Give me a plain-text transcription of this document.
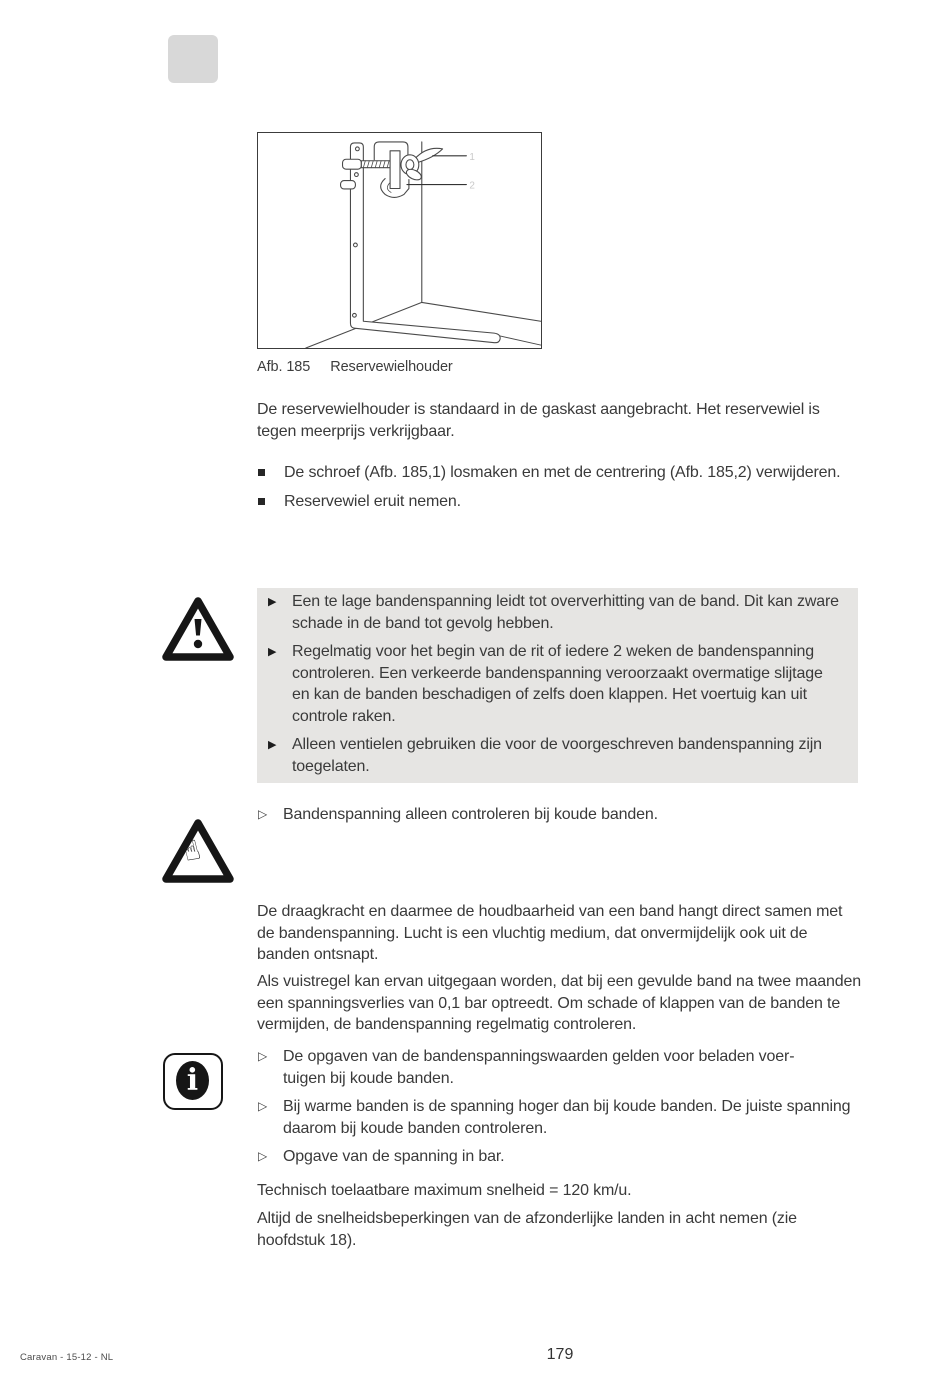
1
2
Afb. 185 Reservewielhouder
De reservewielhouder is standaard in de gaskast aangebracht. Het reservewiel is tegen meerprijs verkrijgbaar.
De schroef (Afb. 185,1) losmaken en met de centrering (Afb. 185,2) verwijderen.
Reservewiel eruit nemen.
▶ Een te lage bandenspanning leidt tot oververhitting van de band. Dit kan zware schade in de band tot gevolg hebben.
▶ Regelmatig voor het begin van de rit of iedere 2 weken de bandenspanning controleren. Een verkeerde bandenspanning veroorzaakt overmatige slijtage en kan de banden beschadigen of zelfs doen klappen. Het voertuig kan uit controle raken.
▶ Alleen ventielen gebruiken die voor de voorgeschreven bandenspanning zijn toegelaten.
☝
▷ Bandenspanning alleen controleren bij koude banden.
De draagkracht en daarmee de houdbaarheid van een band hangt direct samen met de bandenspanning. Lucht is een vluchtig medium, dat onvermijdelijk ook uit de banden ontsnapt.
Als vuistregel kan ervan uitgegaan worden, dat bij een gevulde band na twee maanden een spanningsverlies van 0,1 bar optreedt. Om schade of klappen van de banden te vermijden, de bandenspanning regelmatig controleren.
i
▷ De opgaven van de bandenspanningswaarden gelden voor beladen voertuigen bij koude banden.
▷ Bij warme banden is de spanning hoger dan bij koude banden. De juiste spanning daarom bij koude banden controleren.
▷ Opgave van de spanning in bar.
Technisch toelaatbare maximum snelheid = 120 km/u.
Altijd de snelheidsbeperkingen van de afzonderlijke landen in acht nemen (zie hoofdstuk 18).
Caravan - 15-12 - NL	179
